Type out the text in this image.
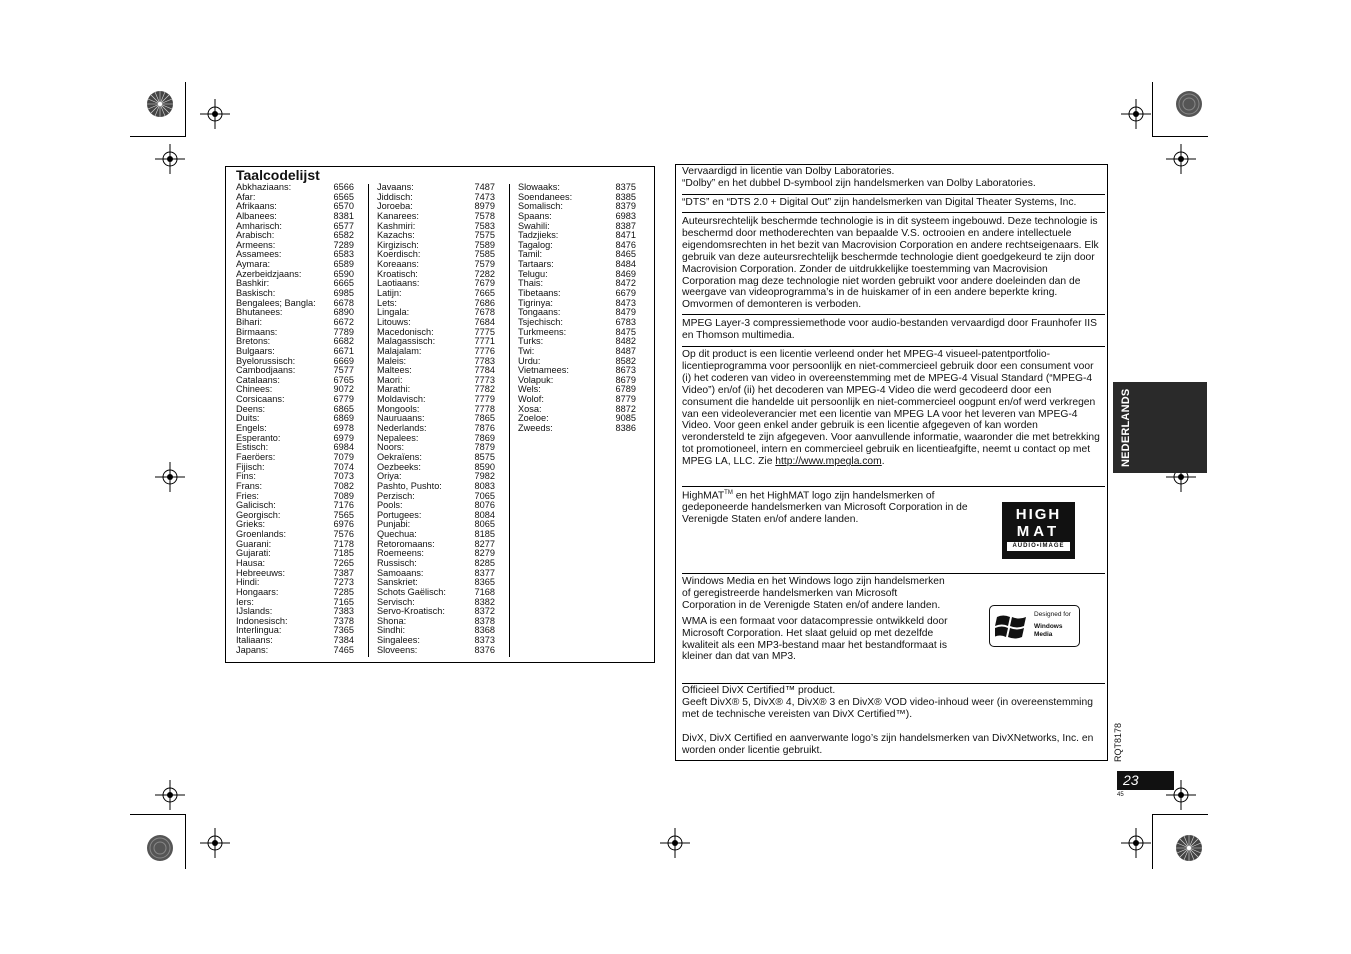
Taalcodelijst
Abkhaziaans:	6566
Afar:	6565
Afrikaans:	6570
Albanees:	8381
Amharisch:	6577
Arabisch:	6582
Armeens:	7289
Assamees:	6583
Aymara:	6589
Azerbeidzjaans:	6590
Bashkir:	6665
Baskisch:	6985
Bengalees; Bangla: 6678
Bhutanees:	6890
Bihari:	6672
Birmaans:	7789
Bretons:	6682
Bulgaars:	6671
Byelorussisch:	6669
Cambodjaans:	7577
Catalaans:	6765
Chinees:	9072
Corsicaans:	6779
Deens:	6865
Duits:	6869
Engels:	6978
Esperanto:	6979
Estisch:	6984
Faeröers:	7079
Fijisch:	7074
Fins:	7073
Frans:	7082
Fries:	7089
Galicisch:	7176
Georgisch:	7565
Grieks:	6976
Groenlands:	7576
Guarani:	7178
Gujarati:	7185
Hausa:	7265
Hebreeuws:	7387
Hindi:	7273
Hongaars:	7285
Iers:	7165
IJslands:	7383
Indonesisch:	7378
Interlingua:	7365
Italiaans:	7384
Japans:	7465
Javaans:	7487
Jiddisch:	7473
Joroeba:	8979
Kanarees:	7578
Kashmiri:	7583
Kazachs:	7575
Kirgizisch:	7589
Koerdisch:	7585
Koreaans:	7579
Kroatisch:	7282
Laotiaans:	7679
Latijn:	7665
Lets:	7686
Lingala:	7678
Litouws:	7684
Macedonisch:	7775
Malagassisch:	7771
Malajalam:	7776
Maleis:	7783
Maltees:	7784
Maori:	7773
Marathi:	7782
Moldavisch:	7779
Mongools:	7778
Nauruaans:	7865
Nederlands:	7876
Nepalees:	7869
Noors:	7879
Oekraïens:	8575
Oezbeeks:	8590
Oriya:	7982
Pashto, Pushto:	8083
Perzisch:	7065
Pools:	8076
Portugees:	8084
Punjabi:	8065
Quechua:	8185
Retoromaans:	8277
Roemeens:	8279
Russisch:	8285
Samoaans:	8377
Sanskriet:	8365
Schots Gaëlisch:	7168
Servisch:	8382
Servo-Kroatisch:	8372
Shona:	8378
Sindhi:	8368
Singalees:	8373
Sloveens:	8376
Slowaaks:	8375
Soendanees:	8385
Somalisch:	8379
Spaans:	6983
Swahili:	8387
Tadzjieks:	8471
Tagalog:	8476
Tamil:	8465
Tartaars:	8484
Telugu:	8469
Thais:	8472
Tibetaans:	6679
Tigrinya:	8473
Tongaans:	8479
Tsjechisch:	6783
Turkmeens:	8475
Turks:	8482
Twi:	8487
Urdu:	8582
Vietnamees:	8673
Volapuk:	8679
Wels:	6789
Wolof:	8779
Xosa:	8872
Zoeloe:	9085
Zweeds:	8386

Vervaardigd in licentie van Dolby Laboratories.

“Dolby” en het dubbel D-symbool zijn handelsmerken van Dolby Laboratories.

“DTS” en “DTS 2.0 + Digital Out” zijn handelsmerken van Digital Theater Systems, Inc.

Auteursrechtelijk beschermde technologie is in dit systeem ingebouwd. Deze technologie is beschermd door methoderechten van bepaalde V.S. octrooien en andere intellectuele eigendomsrechten in het bezit van Macrovision Corporation en andere rechtseigenaars. Elk gebruik van deze auteursrechtelijk beschermde technologie dient goedgekeurd te zijn door Macrovision Corporation. Zonder de uitdrukkelijke toestemming van Macrovision Corporation mag deze technologie niet worden gebruikt voor andere doeleinden dan de weergave van videoprogramma’s in de huiskamer of in een andere beperkte kring. Omvormen of demonteren is verboden.

MPEG Layer-3 compressiemethode voor audio-bestanden vervaardigd door Fraunhofer IIS en Thomson multimedia.

Op dit product is een licentie verleend onder het MPEG-4 visueel-patentportfolio-licentieprogramma voor persoonlijk en niet-commercieel gebruik door een consument voor (i) het coderen van video in overeenstemming met de MPEG-4 Visual Standard (“MPEG-4 Video”) en/of (ii) het decoderen van MPEG-4 Video die werd gecodeerd door een consument die handelde uit persoonlijk en niet-commercieel oogpunt en/of werd verkregen van een videoleverancier met een licentie van MPEG LA voor het leveren van MPEG-4 Video. Voor geen enkel ander gebruik is een licentie afgegeven of kan worden verondersteld te zijn afgegeven. Voor aanvullende informatie, waaronder die met betrekking tot promotioneel, intern en commercieel gebruik en licentieafgifte, neemt u contact op met MPEG LA, LLC. Zie http://www.mpegla.com.

HighMAT™ en het HighMAT logo zijn handelsmerken of gedeponeerde handelsmerken van Microsoft Corporation in de Verenigde Staten en/of andere landen.	HIGH
MAT
AUDIO•IMAGE

Windows Media en het Windows logo zijn handelsmerken of geregistreerde handelsmerken van Microsoft Corporation in de Verenigde Staten en/of andere landen.

WMA is een formaat voor datacompressie ontwikkeld door Microsoft Corporation. Het slaat geluid op met dezelfde kwaliteit als een MP3-bestand maar het bestandformaat is kleiner dan dat van MP3.

Designed for
Windows
Media

Officieel DivX Certified™ product.

Geeft DivX® 5, DivX® 4, DivX® 3 en DivX® VOD video-inhoud weer (in overeenstemming met de technische vereisten van DivX Certified™).

DivX, DivX Certified en aanverwante logo’s zijn handelsmerken van DivXNetworks, Inc. en worden onder licentie gebruikt.

NEDERLANDS
RQT8178
23
45
